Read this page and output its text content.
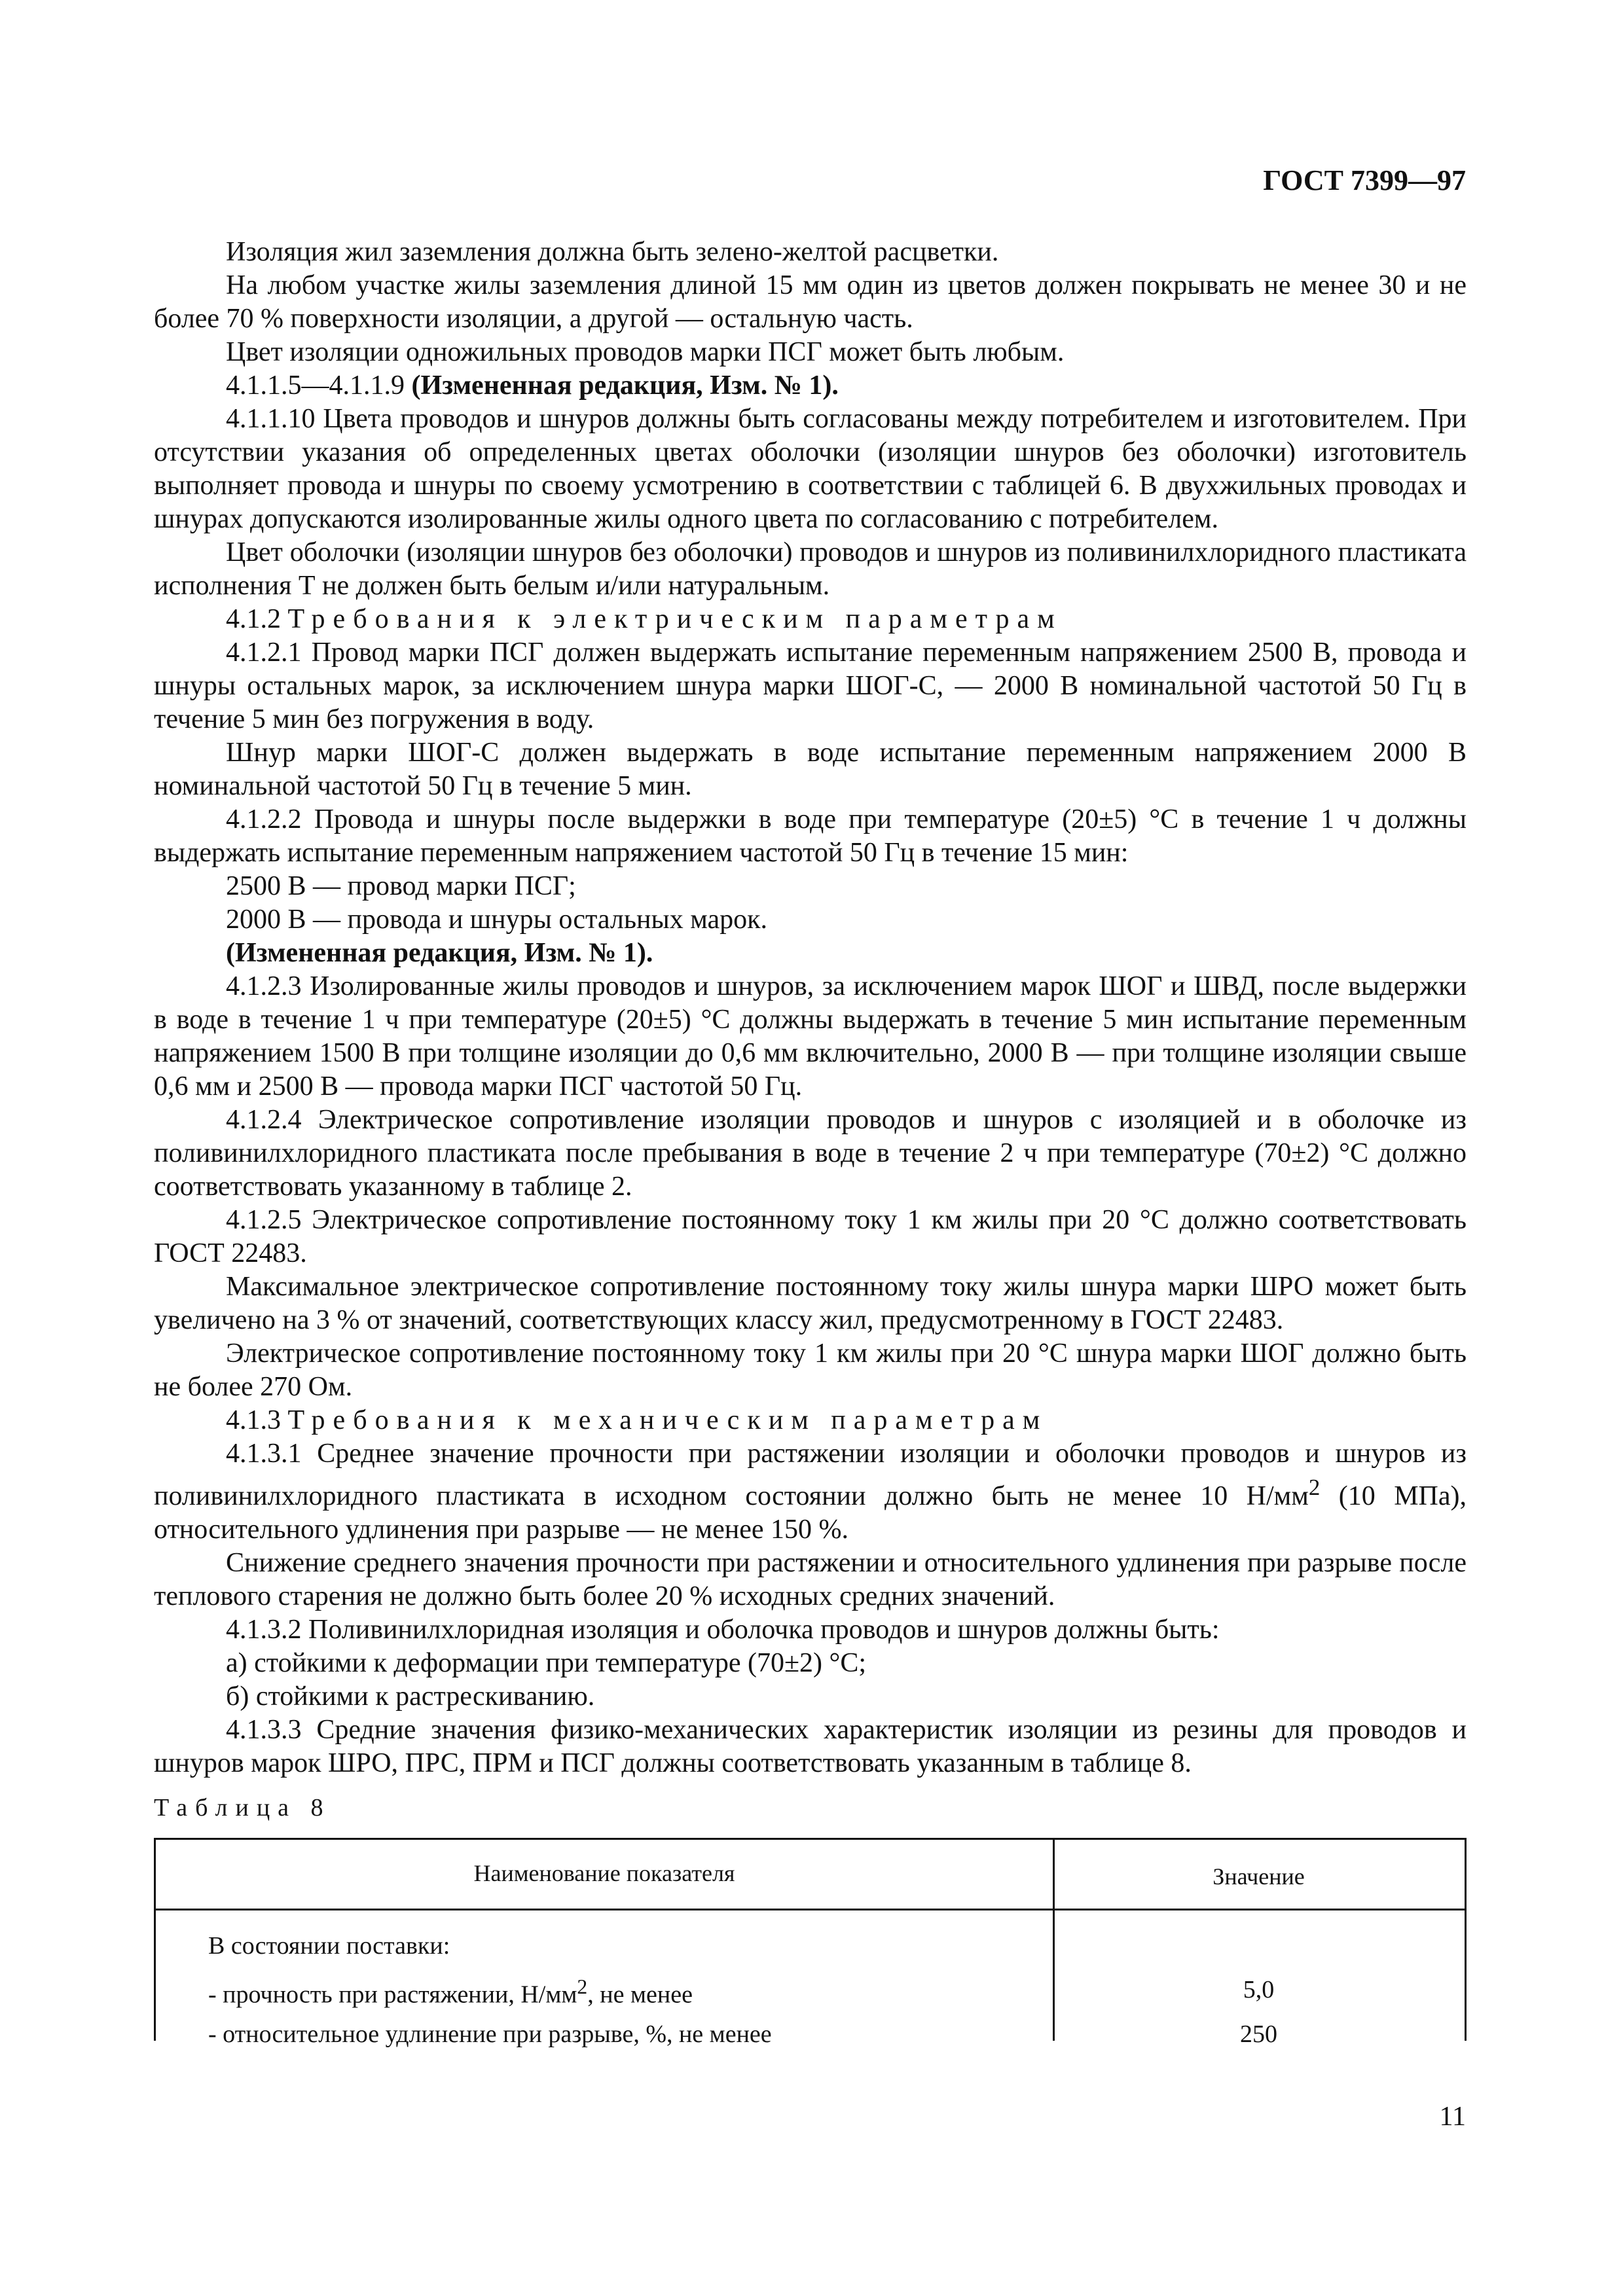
ГОСТ 7399—97

Изоляция жил заземления должна быть зелено-желтой расцветки.

На любом участке жилы заземления длиной 15 мм один из цветов должен покрывать не менее 30 и не более 70 % поверхности изоляции, а другой — остальную часть.

Цвет изоляции одножильных проводов марки ПСГ может быть любым.

4.1.1.5—4.1.1.9 (Измененная редакция, Изм. № 1).

4.1.1.10 Цвета проводов и шнуров должны быть согласованы между потребителем и изготовителем. При отсутствии указания об определенных цветах оболочки (изоляции шнуров без оболочки) изготовитель выполняет провода и шнуры по своему усмотрению в соответствии с таблицей 6. В двухжильных проводах и шнурах допускаются изолированные жилы одного цвета по согласованию с потребителем.

Цвет оболочки (изоляции шнуров без оболочки) проводов и шнуров из поливинилхлоридного пластиката исполнения Т не должен быть белым и/или натуральным.

4.1.2 Требования к электрическим параметрам

4.1.2.1 Провод марки ПСГ должен выдержать испытание переменным напряжением 2500 В, провода и шнуры остальных марок, за исключением шнура марки ШОГ-С, — 2000 В номинальной частотой 50 Гц в течение 5 мин без погружения в воду.

Шнур марки ШОГ-С должен выдержать в воде испытание переменным напряжением 2000 В номинальной частотой 50 Гц в течение 5 мин.

4.1.2.2 Провода и шнуры после выдержки в воде при температуре (20±5) °С в течение 1 ч должны выдержать испытание переменным напряжением частотой 50 Гц в течение 15 мин:

2500 В — провод марки ПСГ;

2000 В — провода и шнуры остальных марок.

(Измененная редакция, Изм. № 1).

4.1.2.3 Изолированные жилы проводов и шнуров, за исключением марок ШОГ и ШВД, после выдержки в воде в течение 1 ч при температуре (20±5) °С должны выдержать в течение 5 мин испытание переменным напряжением 1500 В при толщине изоляции до 0,6 мм включительно, 2000 В — при толщине изоляции свыше 0,6 мм и 2500 В — провода марки ПСГ частотой 50 Гц.

4.1.2.4 Электрическое сопротивление изоляции проводов и шнуров с изоляцией и в оболочке из поливинилхлоридного пластиката после пребывания в воде в течение 2 ч при температуре (70±2) °С должно соответствовать указанному в таблице 2.

4.1.2.5 Электрическое сопротивление постоянному току 1 км жилы при 20 °С должно соответствовать ГОСТ 22483.

Максимальное электрическое сопротивление постоянному току жилы шнура марки ШРО может быть увеличено на 3 % от значений, соответствующих классу жил, предусмотренному в ГОСТ 22483.

Электрическое сопротивление постоянному току 1 км жилы при 20 °С шнура марки ШОГ должно быть не более 270 Ом.

4.1.3 Требования к механическим параметрам

4.1.3.1 Среднее значение прочности при растяжении изоляции и оболочки проводов и шнуров из поливинилхлоридного пластиката в исходном состоянии должно быть не менее 10 $Н/мм^2$ (10 МПа), относительного удлинения при разрыве — не менее 150 %.

Снижение среднего значения прочности при растяжении и относительного удлинения при разрыве после теплового старения не должно быть более 20 % исходных средних значений.

4.1.3.2 Поливинилхлоридная изоляция и оболочка проводов и шнуров должны быть:

а) стойкими к деформации при температуре (70±2) °С;

б) стойкими к растрескиванию.

4.1.3.3 Средние значения физико-механических характеристик изоляции из резины для проводов и шнуров марок ШРО, ПРС, ПРМ и ПСГ должны соответствовать указанным в таблице 8.

Таблица 8
Наименование показателя	Значение
В состоянии поставки:
- прочность при растяжении, $Н/мм^2$, не менее	5,0
- относительное удлинение при разрыве, %, не менее	250
11
